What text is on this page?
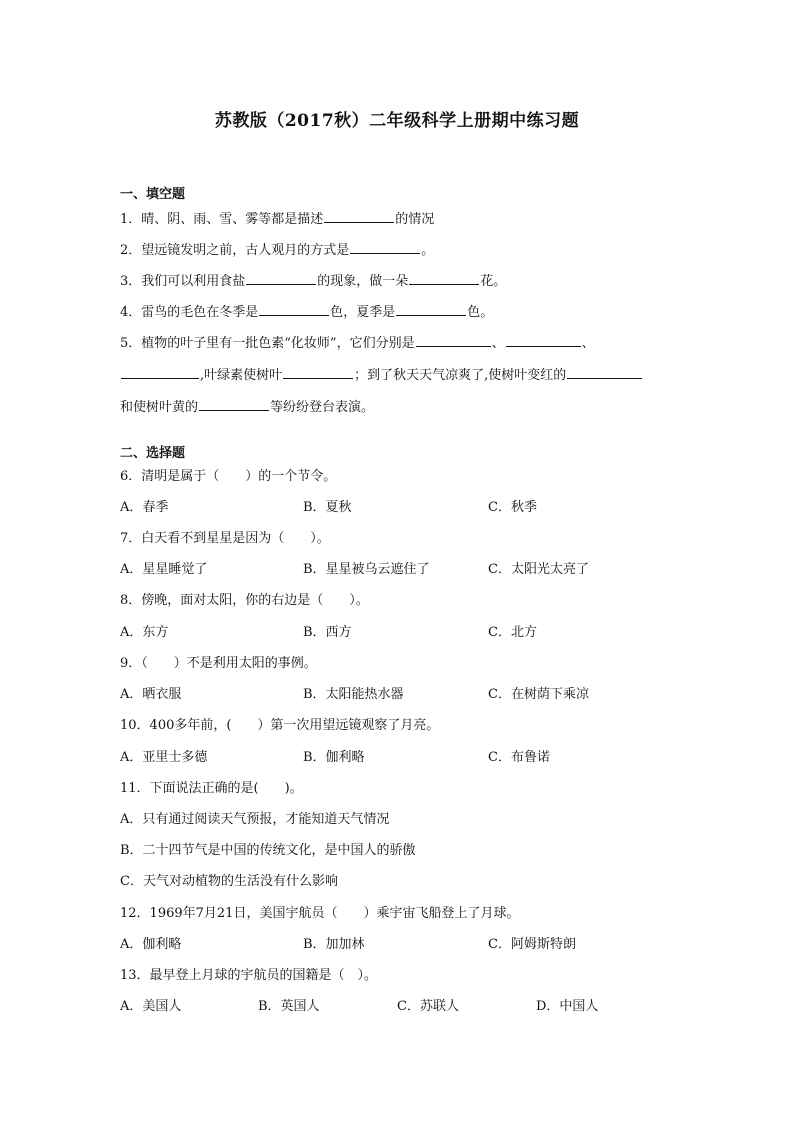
苏教版（2017秋）二年级科学上册期中练习题
一、填空题
1．晴、阴、雨、雪、雾等都是描述	的情况
2．望远镜发明之前，古人观月的方式是	。
3．我们可以利用食盐	的现象，做一朵	花。
4．雷鸟的毛色在冬季是	色，夏季是	色。
5．植物的叶子里有一批色素“化妆师”，它们分别是	、	、
,叶绿素使树叶	；到了秋天天气凉爽了,使树叶变红的
和使树叶黄的	等纷纷登台表演。
二、选择题
6．清明是属于（　　）的一个节令。
A．春季	B．夏秋	C．秋季
7．白天看不到星星是因为（　　）。
A．星星睡觉了	B．星星被乌云遮住了	C．太阳光太亮了
8．傍晚，面对太阳，你的右边是（　　）。
A．东方	B．西方	C．北方
9．（　　）不是利用太阳的事例。
A．晒衣服	B．太阳能热水器	C．在树荫下乘凉
10．400多年前，(　　）第一次用望远镜观察了月亮。
A．亚里士多德	B．伽利略	C．布鲁诺
11．下面说法正确的是(　　)。
A．只有通过阅读天气预报，才能知道天气情况
B．二十四节气是中国的传统文化，是中国人的骄傲
C．天气对动植物的生活没有什么影响
12．1969年7月21日，美国宇航员（　　）乘宇宙飞船登上了月球。
A．伽利略	B．加加林	C．阿姆斯特朗
13．最早登上月球的宇航员的国籍是（　）。
A．美国人	B．英国人	C．苏联人	D．中国人
